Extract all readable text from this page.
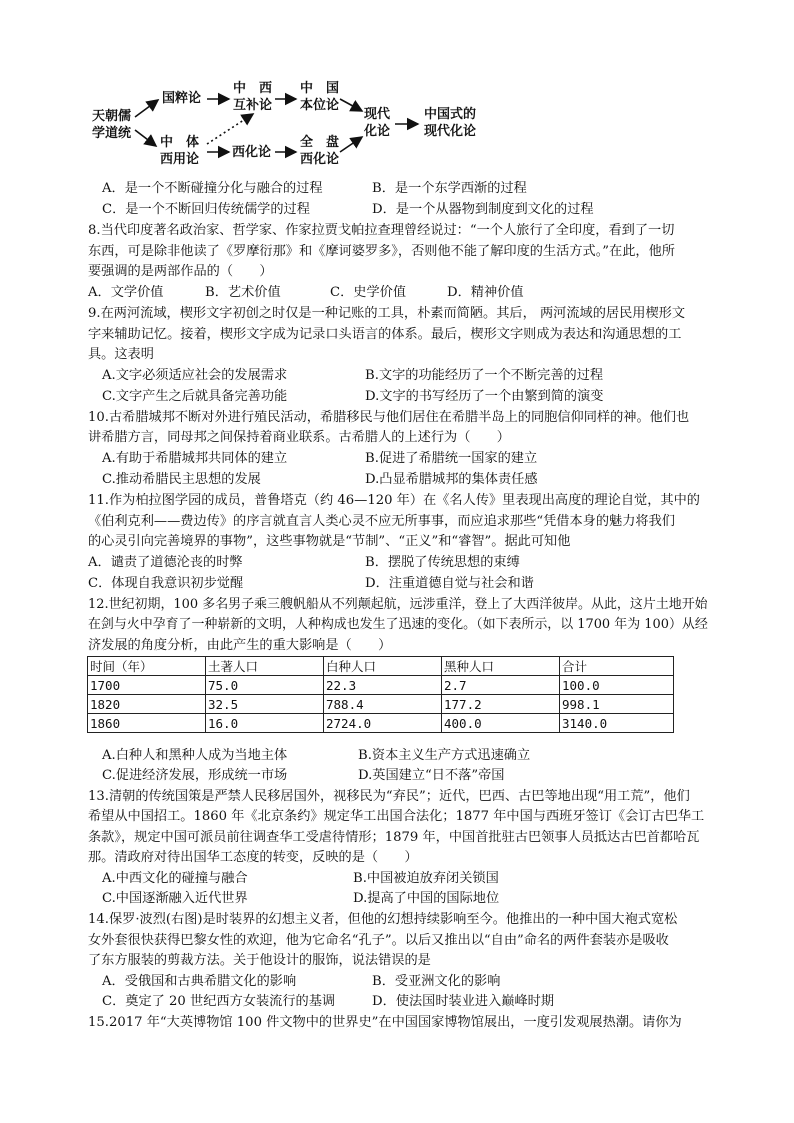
天朝儒
学道统
国粹论
中　西
互补论
中　国
本位论
中　体
西用论	西化论
全　盘
西化论
现代
化论
中国式的
现代化论
A．是一个不断碰撞分化与融合的过程	B．是一个东学西渐的过程
C．是一个不断回归传统儒学的过程	D．是一个从器物到制度到文化的过程
8.当代印度著名政治家、哲学家、作家拉贾戈帕拉查理曾经说过：“一个人旅行了全印度，看到了一切
东西，可是除非他读了《罗摩衍那》和《摩诃婆罗多》，否则他不能了解印度的生活方式。”在此，他所
要强调的是两部作品的（　　）
A．文学价值	B．艺术价值	C．史学价值	D．精神价值
9.在两河流域，楔形文字初创之时仅是一种记账的工具，朴素而简陋。其后， 两河流域的居民用楔形文
字来辅助记忆。接着，楔形文字成为记录口头语言的体系。最后，楔形文字则成为表达和沟通思想的工
具。这表明
A.文字必须适应社会的发展需求	B.文字的功能经历了一个不断完善的过程
C.文字产生之后就具备完善功能	D.文字的书写经历了一个由繁到简的演变
10.古希腊城邦不断对外进行殖民活动，希腊移民与他们居住在希腊半岛上的同胞信仰同样的神。他们也
讲希腊方言，同母邦之间保持着商业联系。古希腊人的上述行为（　　）
A.有助于希腊城邦共同体的建立	B.促进了希腊统一国家的建立
C.推动希腊民主思想的发展	D.凸显希腊城邦的集体责任感
11.作为柏拉图学园的成员，普鲁塔克（约 46—120 年）在《名人传》里表现出高度的理论自觉，其中的
《伯利克利——费边传》的序言就直言人类心灵不应无所事事，而应追求那些“凭借本身的魅力将我们
的心灵引向完善境界的事物”，这些事物就是“节制”、“正义”和“睿智”。据此可知他
A．谴责了道德沦丧的时弊	B．摆脱了传统思想的束缚
C．体现自我意识初步觉醒	D．注重道德自觉与社会和谐
12.世纪初期，100 多名男子乘三艘帆船从不列颠起航，远涉重洋，登上了大西洋彼岸。从此，这片土地开始
在剑与火中孕育了一种崭新的文明，人种构成也发生了迅速的变化。（如下表所示，以 1700 年为 100）从经
济发展的角度分析，由此产生的重大影响是（　　）
时间（年）	土著人口	白种人口	黑种人口	合计
1700	75.0	22.3	2.7	100.0
1820	32.5	788.4	177.2	998.1
1860	16.0	2724.0	400.0	3140.0
A.白种人和黑种人成为当地主体	B.资本主义生产方式迅速确立
C.促进经济发展，形成统一市场	D.英国建立“日不落”帝国
13.清朝的传统国策是严禁人民移居国外，视移民为“弃民”；近代，巴西、古巴等地出现“用工荒”，他们
希望从中国招工。1860 年《北京条约》规定华工出国合法化；1877 年中国与西班牙签订《会订古巴华工
条款》，规定中国可派员前往调查华工受虐待情形；1879 年，中国首批驻古巴领事人员抵达古巴首都哈瓦
那。清政府对待出国华工态度的转变，反映的是（　　）
A.中西文化的碰撞与融合	B.中国被迫放弃闭关锁国
C.中国逐渐融入近代世界	D.提高了中国的国际地位
14.保罗·波烈(右图)是时装界的幻想主义者，但他的幻想持续影响至今。他推出的一种中国大袍式宽松
女外套很快获得巴黎女性的欢迎，他为它命名“孔子”。以后又推出以“自由”命名的两件套装亦是吸收
了东方服装的剪裁方法。关于他设计的服饰，说法错误的是
A．受俄国和古典希腊文化的影响	B．受亚洲文化的影响
C．奠定了 20 世纪西方女装流行的基调	D．使法国时装业进入巅峰时期
15.2017 年“大英博物馆 100 件文物中的世界史”在中国国家博物馆展出，一度引发观展热潮。请你为
